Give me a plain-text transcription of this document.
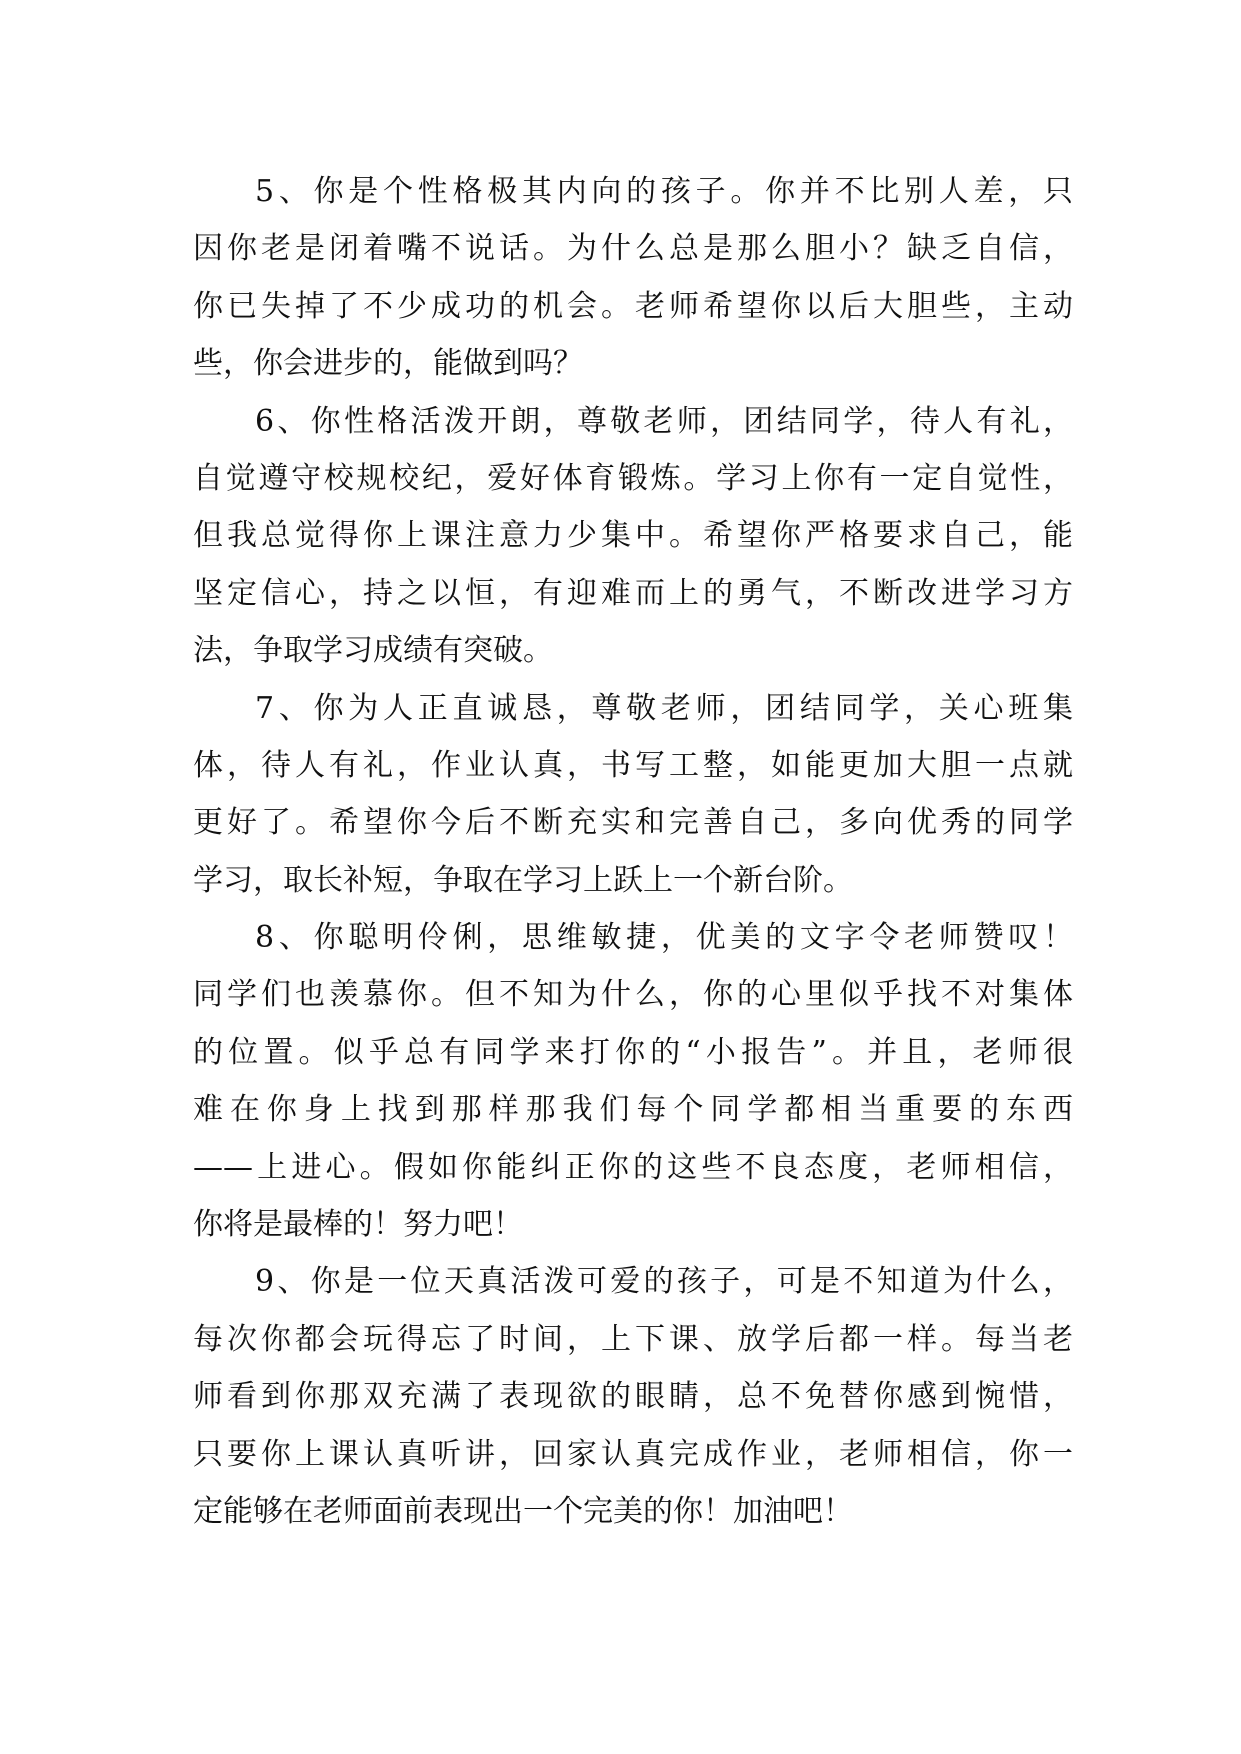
5、你是个性格极其内向的孩子。你并不比别人差，只
因你老是闭着嘴不说话。为什么总是那么胆小？缺乏自信，
你已失掉了不少成功的机会。老师希望你以后大胆些，主动
些，你会进步的，能做到吗？
6、你性格活泼开朗，尊敬老师，团结同学，待人有礼，
自觉遵守校规校纪，爱好体育锻炼。学习上你有一定自觉性，
但我总觉得你上课注意力少集中。希望你严格要求自己，能
坚定信心，持之以恒，有迎难而上的勇气，不断改进学习方
法，争取学习成绩有突破。
7、你为人正直诚恳，尊敬老师，团结同学，关心班集
体，待人有礼，作业认真，书写工整，如能更加大胆一点就
更好了。希望你今后不断充实和完善自己，多向优秀的同学
学习，取长补短，争取在学习上跃上一个新台阶。
8、你聪明伶俐，思维敏捷，优美的文字令老师赞叹！
同学们也羡慕你。但不知为什么，你的心里似乎找不对集体
的位置。似乎总有同学来打你的“小报告”。并且，老师很
难在你身上找到那样那我们每个同学都相当重要的东西
——上进心。假如你能纠正你的这些不良态度，老师相信，
你将是最棒的！努力吧！
9、你是一位天真活泼可爱的孩子，可是不知道为什么，
每次你都会玩得忘了时间，上下课、放学后都一样。每当老
师看到你那双充满了表现欲的眼睛，总不免替你感到惋惜，
只要你上课认真听讲，回家认真完成作业，老师相信，你一
定能够在老师面前表现出一个完美的你！加油吧！
